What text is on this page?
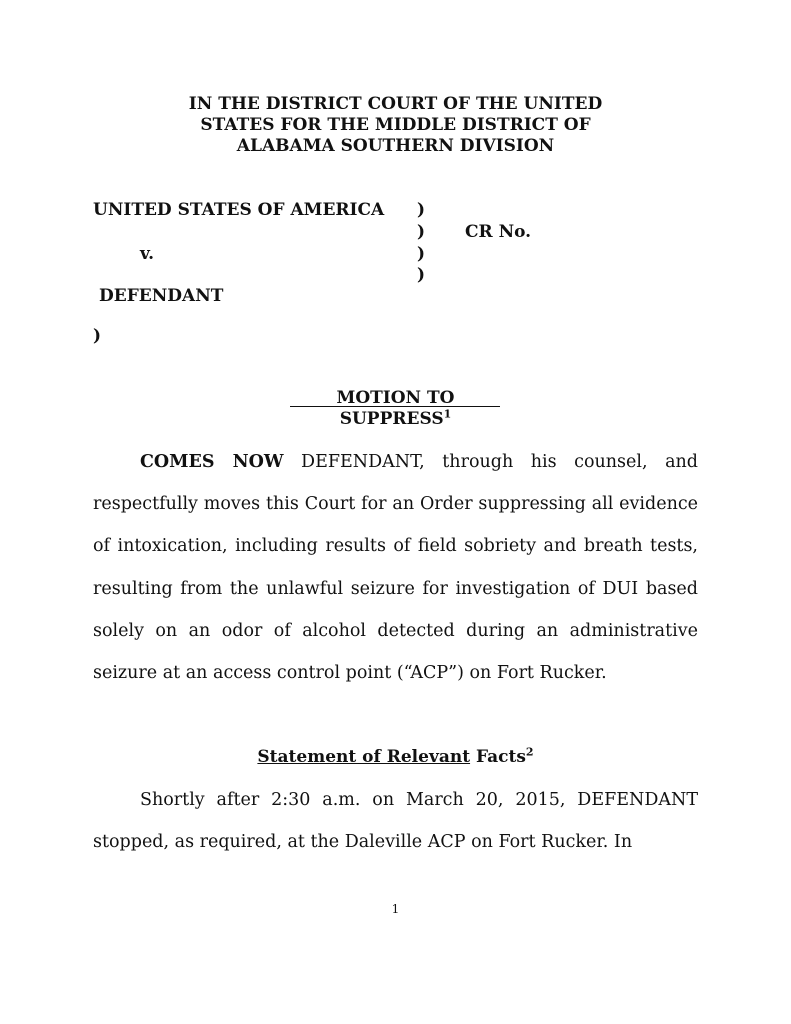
IN THE DISTRICT COURT OF THE UNITED
STATES FOR THE MIDDLE DISTRICT OF
ALABAMA SOUTHERN DIVISION
UNITED STATES OF AMERICA )
) CR No.
v.	)
)
DEFENDANT
)
MOTION TO
SUPPRESS$^1$
COMES NOW DEFENDANT, through his counsel, and respectfully moves this Court for an Order suppressing all evidence of intoxication, including results of field sobriety and breath tests, resulting from the unlawful seizure for investigation of DUI based solely on an odor of alcohol detected during an administrative seizure at an access control point (“ACP”) on Fort Rucker.
Statement of Relevant Facts$^2$
Shortly after 2:30 a.m. on March 20, 2015, DEFENDANT stopped, as required, at the Daleville ACP on Fort Rucker. In
1
